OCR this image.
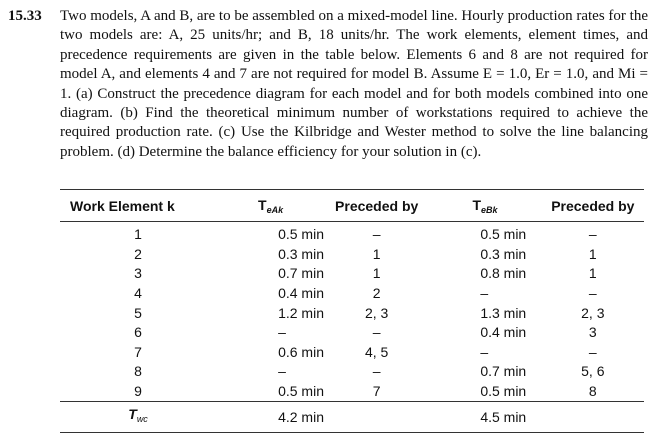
15.33 Two models, A and B, are to be assembled on a mixed-model line. Hourly production rates for the two models are: A, 25 units/hr; and B, 18 units/hr. The work elements, element times, and precedence requirements are given in the table below. Elements 6 and 8 are not required for model A, and elements 4 and 7 are not required for model B. Assume E = 1.0, Er = 1.0, and Mi = 1. (a) Construct the precedence diagram for each model and for both models combined into one diagram. (b) Find the theoretical minimum number of workstations required to achieve the required production rate. (c) Use the Kilbridge and Wester method to solve the line balancing problem. (d) Determine the balance efficiency for your solution in (c).
Work Element k	$T_{eAk}$	Preceded by	$T_{eBk}$	Preceded by
1	0.5 min	–	0.5 min	–
2	0.3 min	1	0.3 min	1
3	0.7 min	1	0.8 min	1
4	0.4 min	2	–	–
5	1.2 min	2, 3	1.3 min	2, 3
6	–	–	0.4 min	3
7	0.6 min	4, 5	–	–
8	–	–	0.7 min	5, 6
9	0.5 min	7	0.5 min	8
$T_{wc}$	4.2 min		4.5 min	
